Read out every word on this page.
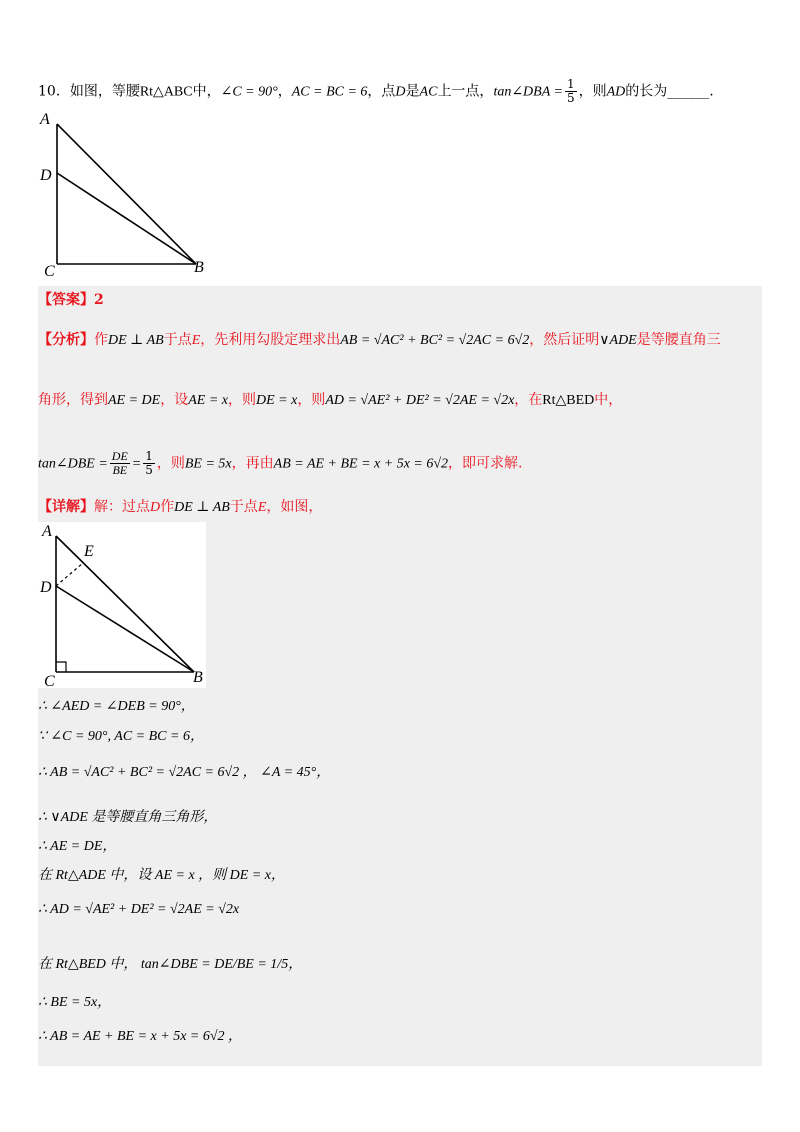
10．如图，等腰Rt△ABC中，∠C = 90°，AC = BC = 6，点D是AC上一点，tan∠DBA = $\frac{1}{5}$ ，则AD的长为______.
A
D
C	B
【答案】2
【分析】作DE ⊥ AB于点E，先利用勾股定理求出AB = √AC² + BC² = √2AC = 6√2，然后证明∨ADE是等腰直角三
角形，得到AE = DE，设AE = x，则DE = x，则AD = √AE² + DE² = √2AE = √2x，在Rt△BED中，
tan∠DBE = $\frac{DE}{BE} = \frac{1}{5}$ ，则BE = 5x，再由AB = AE + BE = x + 5x = 6√2，即可求解.
【详解】解：过点D作DE ⊥ AB于点E，如图，
A
E
D
C	B
∴ ∠AED = ∠DEB = 90°，
∵ ∠C = 90°, AC = BC = 6，
∴ AB = √AC² + BC² = √2AC = 6√2 ， ∠A = 45°，
∴ ∨ADE 是等腰直角三角形，
∴ AE = DE，
在 Rt△ADE 中，设 AE = x ，则 DE = x，
∴ AD = √AE² + DE² = √2AE = √2x
在 Rt△BED 中， tan∠DBE = DE/BE = 1/5，
∴ BE = 5x，
∴ AB = AE + BE = x + 5x = 6√2 ，
